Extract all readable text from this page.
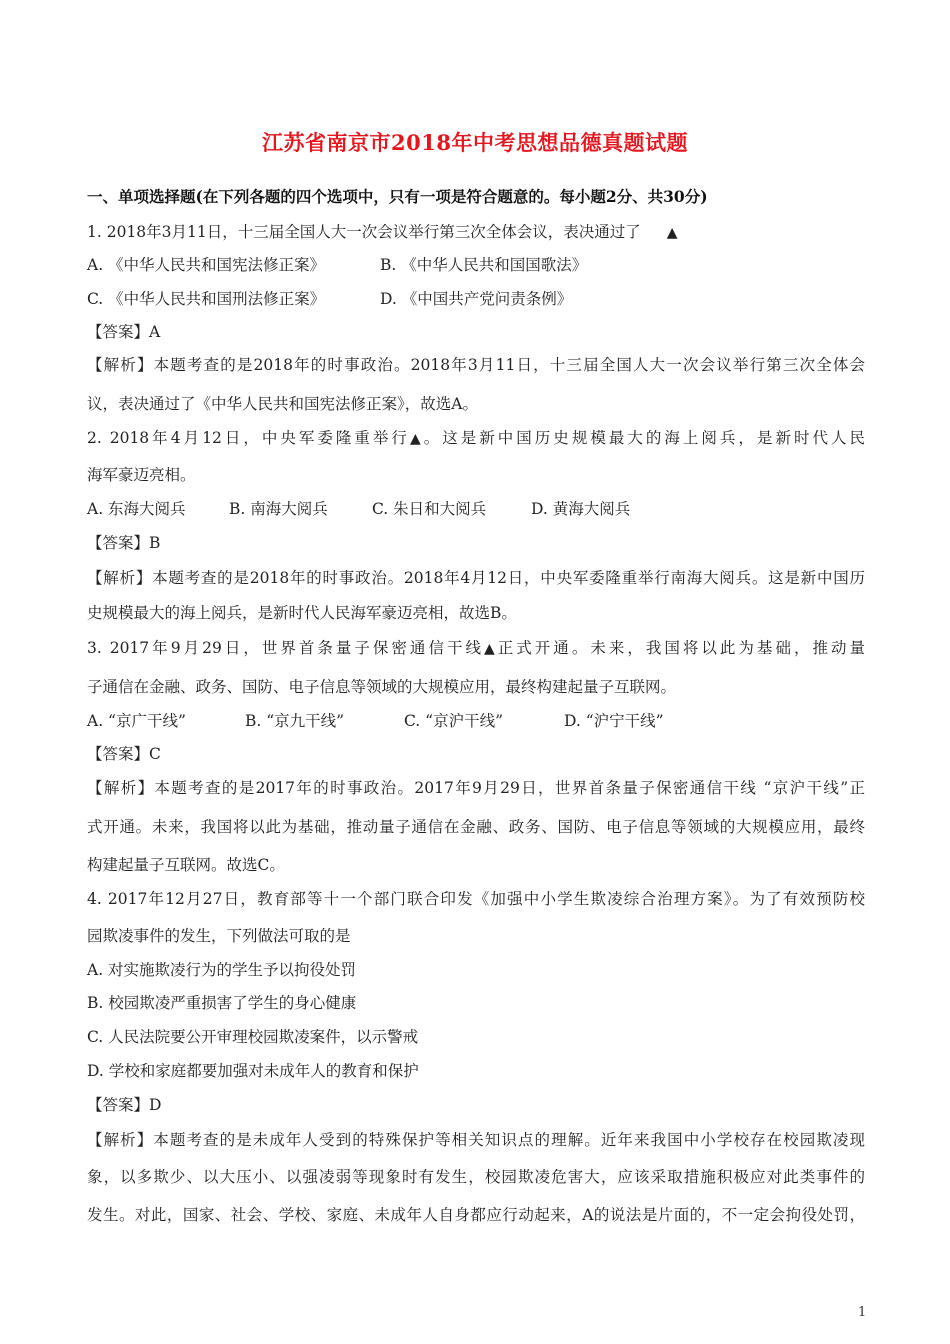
江苏省南京市2018年中考思想品德真题试题
一、单项选择题(在下列各题的四个选项中，只有一项是符合题意的。每小题2分、共30分)
1. 2018年3月11日，十三届全国人大一次会议举行第三次全体会议，表决通过了 ▲
A. 《中华人民共和国宪法修正案》	B. 《中华人民共和国国歌法》
C. 《中华人民共和国刑法修正案》	D. 《中国共产党问责条例》
【答案】A
【解析】本题考查的是2018年的时事政治。2018年3月11日，十三届全国人大一次会议举行第三次全体会
议，表决通过了《中华人民共和国宪法修正案》，故选A。
2. 2018年4月12日，中央军委隆重举行▲。这是新中国历史规模最大的海上阅兵，是新时代人民
海军豪迈亮相。
A. 东海大阅兵	B. 南海大阅兵	C. 朱日和大阅兵	D. 黄海大阅兵
【答案】B
【解析】本题考查的是2018年的时事政治。2018年4月12日，中央军委隆重举行南海大阅兵。这是新中国历
史规模最大的海上阅兵，是新时代人民海军豪迈亮相，故选B。
3. 2017年9月29日，世界首条量子保密通信干线▲正式开通。未来，我国将以此为基础，推动量
子通信在金融、政务、国防、电子信息等领域的大规模应用，最终构建起量子互联网。
A. “京广干线”	B. “京九干线”	C. “京沪干线”	D. “沪宁干线”
【答案】C
【解析】本题考查的是2017年的时事政治。2017年9月29日，世界首条量子保密通信干线 “京沪干线”正
式开通。未来，我国将以此为基础，推动量子通信在金融、政务、国防、电子信息等领域的大规模应用，最终
构建起量子互联网。故选C。
4. 2017年12月27日，教育部等十一个部门联合印发《加强中小学生欺凌综合治理方案》。为了有效预防校
园欺凌事件的发生，下列做法可取的是
A. 对实施欺凌行为的学生予以拘役处罚
B. 校园欺凌严重损害了学生的身心健康
C. 人民法院要公开审理校园欺凌案件，以示警戒
D. 学校和家庭都要加强对未成年人的教育和保护
【答案】D
【解析】本题考查的是未成年人受到的特殊保护等相关知识点的理解。近年来我国中小学校存在校园欺凌现
象，以多欺少、以大压小、以强凌弱等现象时有发生，校园欺凌危害大，应该采取措施积极应对此类事件的
发生。对此，国家、社会、学校、家庭、未成年人自身都应行动起来，A的说法是片面的，不一定会拘役处罚，
1
